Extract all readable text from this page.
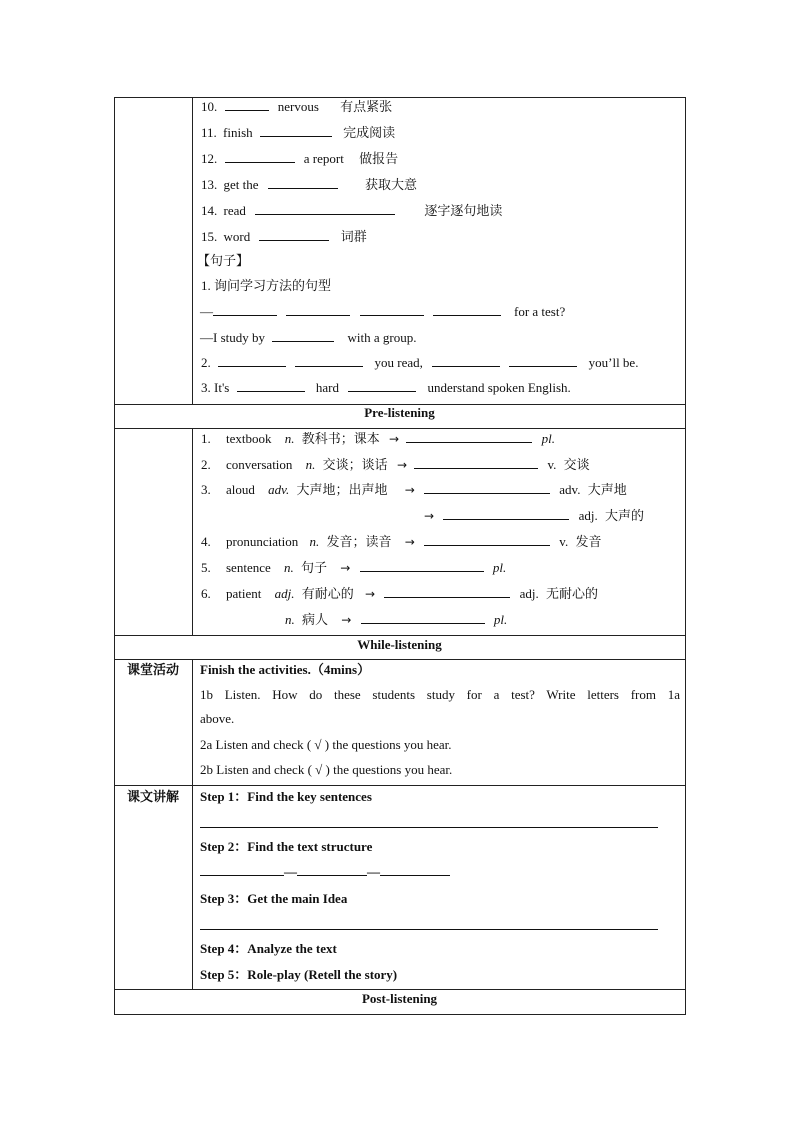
10.	nervous 有点紧张
11. finish	完成阅读
12.	a report 做报告
13. get the	获取大意
14. read	逐字逐句地读
15. word	词群
【句子】
1. 询问学习方法的句型
—	for a test?
—I study by	with a group.
2.	you read,	you’ll be.
3. It's	hard	understand spoken English.
Pre-listening
1. textbook n. 教科书；课本 →	pl.
2. conversation n. 交谈；谈话 →	v. 交谈
3. aloud adv. 大声地；出声地 →	adv. 大声地
→	adj. 大声的
4. pronunciation n. 发音；读音 →	v. 发音
5. sentence n. 句子 →	pl.
6. patient adj. 有耐心的 →	adj. 无耐心的
n. 病人 →	pl.
While-listening
课堂活动	Finish the activities.（4mins）
1b Listen. How do these students study for a test? Write letters from 1a
above.
2a Listen and check ( √ ) the questions you hear.
2b Listen and check ( √ ) the questions you hear.
课文讲解	Step 1：Find the key sentences
Step 2：Find the text structure
—	—
Step 3：Get the main Idea
Step 4：Analyze the text
Step 5：Role-play (Retell the story)
Post-listening
